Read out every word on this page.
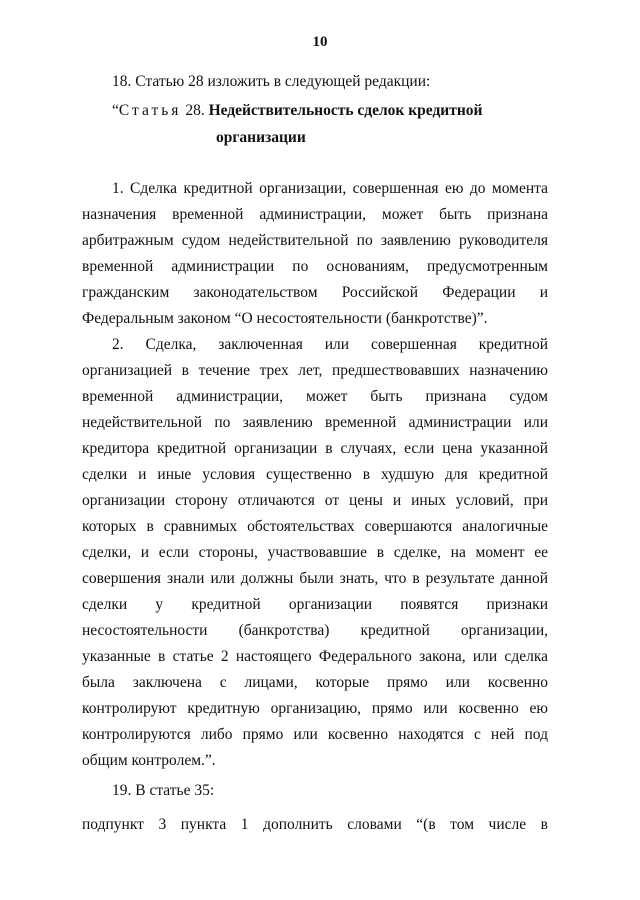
10
18. Статью 28 изложить в следующей редакции:
“Статья 28. Недействительность сделок кредитной
организации
1. Сделка кредитной организации, совершенная ею до момента
назначения временной администрации, может быть признана
арбитражным судом недействительной по заявлению руководителя
временной администрации по основаниям, предусмотренным
гражданским законодательством Российской Федерации и
Федеральным законом “О несостоятельности (банкротстве)”.
2. Сделка, заключенная или совершенная кредитной
организацией в течение трех лет, предшествовавших назначению
временной администрации, может быть признана судом
недействительной по заявлению временной администрации или
кредитора кредитной организации в случаях, если цена указанной
сделки и иные условия существенно в худшую для кредитной
организации сторону отличаются от цены и иных условий, при
которых в сравнимых обстоятельствах совершаются аналогичные
сделки, и если стороны, участвовавшие в сделке, на момент ее
совершения знали или должны были знать, что в результате данной
сделки у кредитной организации появятся признаки
несостоятельности (банкротства) кредитной организации,
указанные в статье 2 настоящего Федерального закона, или сделка
была заключена с лицами, которые прямо или косвенно
контролируют кредитную организацию, прямо или косвенно ею
контролируются либо прямо или косвенно находятся с ней под
общим контролем.”.
19. В статье 35:
подпункт 3 пункта 1 дополнить словами “(в том числе в
